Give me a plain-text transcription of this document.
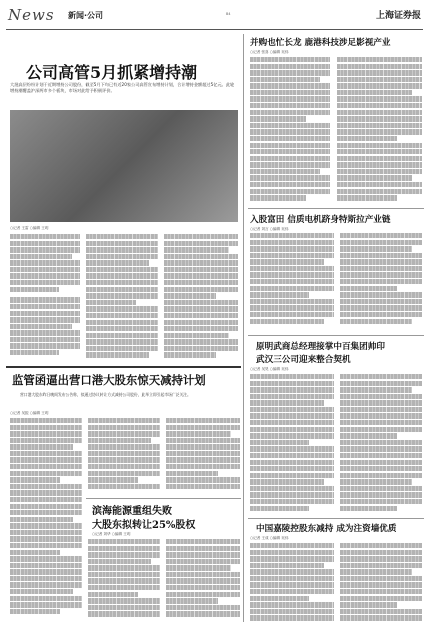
News 新闻·公司	B4	上海证券报
公司高管5月抓紧增持潮
大批高层纷纷计划于近期增持公司股份，截至5月下旬已有近20家公司高管宣布增持计划，合计增持金额超过5亿元。此轮增持潮覆盖沪深两市多个板块，市场对此给予积极评价。
○记者 王雷 ○编辑 王玥
并购也忙长龙 鹿港科技涉足影视产业
○记者 张喜 ○编辑 吴伟
入股富田 信质电机跻身特斯拉产业链
○记者 刘言 ○编辑 吴伟
监管函逼出营口港大股东惊天减持计划
营口港大股东昨日晚间发布公告称，拟通过协议转让方式减持公司股份，此举立即引起市场广泛关注。
○记者 吴振 ○编辑 王玥
滨海能源重组失败
大股东拟转让25%股权
○记者 刘华 ○编辑 王玥
原明武商总经理接掌中百集团帅印
武汉三公司迎来整合契机
○记者 吴昊 ○编辑 吴伟
中国嘉陵控股东减持 成为注资墙优质
○记者 王成 ○编辑 吴伟
